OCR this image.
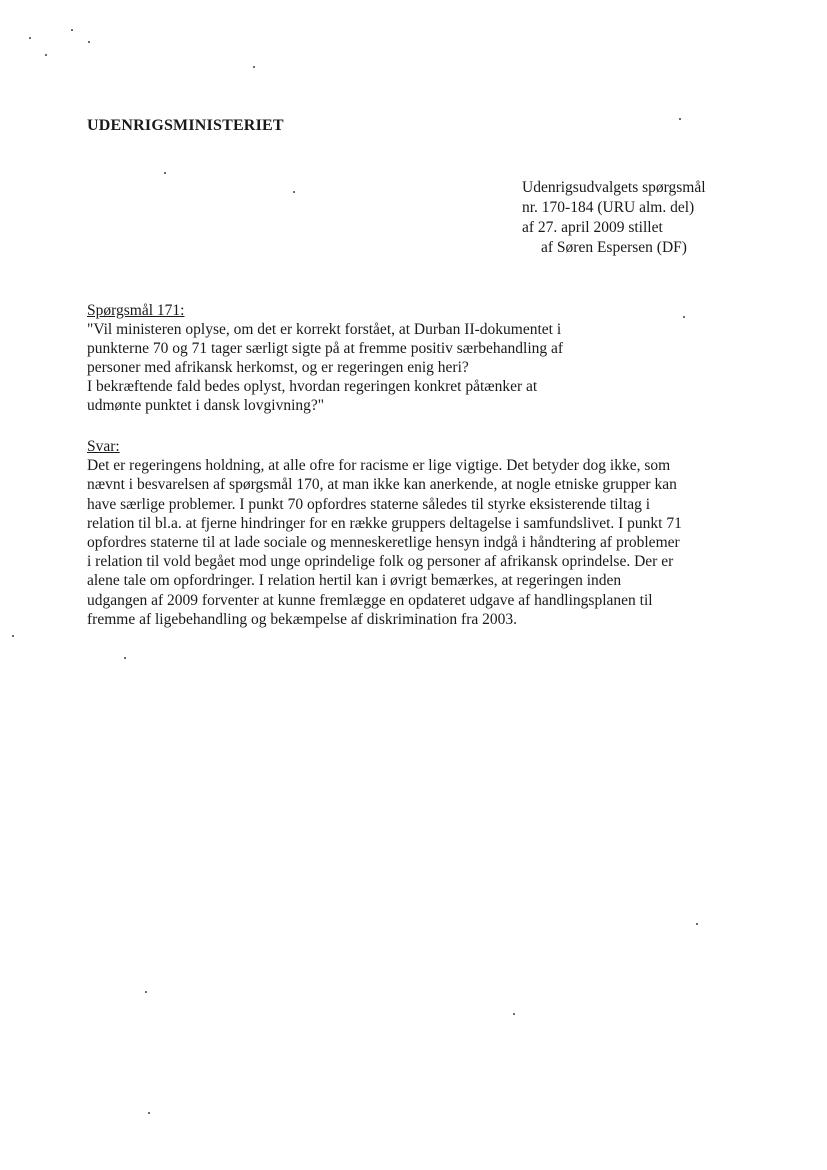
UDENRIGSMINISTERIET
Udenrigsudvalgets spørgsmål
nr. 170-184 (URU alm. del)
af 27. april 2009 stillet
af Søren Espersen (DF)
Spørgsmål 171:
"Vil ministeren oplyse, om det er korrekt forstået, at Durban II-dokumentet i
punkterne 70 og 71 tager særligt sigte på at fremme positiv særbehandling af
personer med afrikansk herkomst, og er regeringen enig heri?
I bekræftende fald bedes oplyst, hvordan regeringen konkret påtænker at
udmønte punktet i dansk lovgivning?"
Svar:
Det er regeringens holdning, at alle ofre for racisme er lige vigtige. Det betyder dog ikke, som
nævnt i besvarelsen af spørgsmål 170, at man ikke kan anerkende, at nogle etniske grupper kan
have særlige problemer. I punkt 70 opfordres staterne således til styrke eksisterende tiltag i
relation til bl.a. at fjerne hindringer for en række gruppers deltagelse i samfundslivet. I punkt 71
opfordres staterne til at lade sociale og menneskeretlige hensyn indgå i håndtering af problemer
i relation til vold begået mod unge oprindelige folk og personer af afrikansk oprindelse. Der er
alene tale om opfordringer. I relation hertil kan i øvrigt bemærkes, at regeringen inden
udgangen af 2009 forventer at kunne fremlægge en opdateret udgave af handlingsplanen til
fremme af ligebehandling og bekæmpelse af diskrimination fra 2003.
